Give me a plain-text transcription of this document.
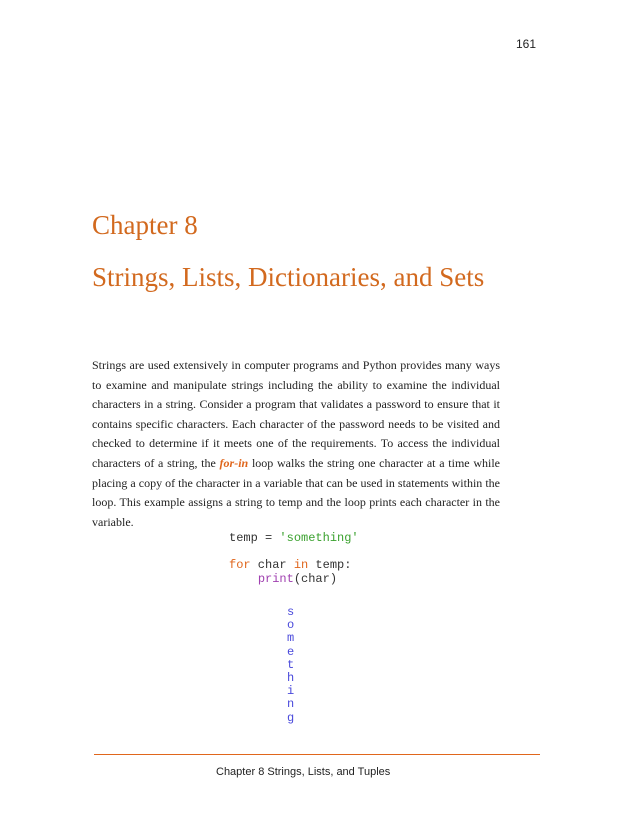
161
Chapter 8
Strings, Lists, Dictionaries, and Sets

Strings are used extensively in computer programs and Python provides many ways to examine and manipulate strings including the ability to examine the individual characters in a string. Consider a program that validates a password to ensure that it contains specific characters. Each character of the password needs to be visited and checked to determine if it meets one of the requirements. To access the individual characters of a string, the for-in loop walks the string one character at a time while placing a copy of the character in a variable that can be used in statements within the loop. This example assigns a string to temp and the loop prints each character in the variable.

temp = 'something'
for char in temp:
print(char)
s
o
m
e
t
h
i
n
g
Chapter 8 Strings, Lists, and Tuples
